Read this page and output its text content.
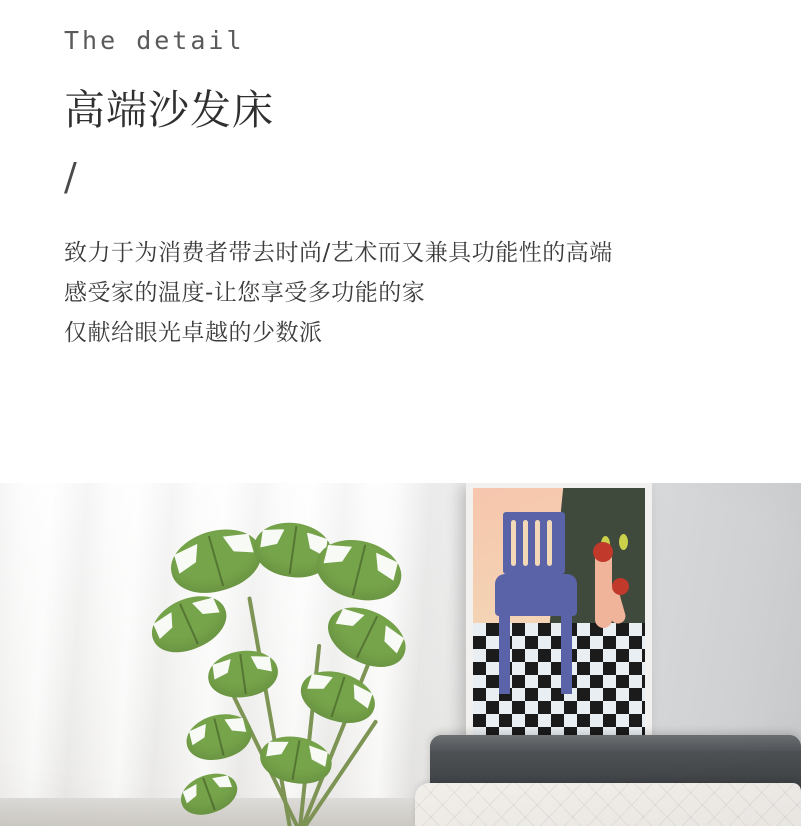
The detail
高端沙发床
/
致力于为消费者带去时尚/艺术而又兼具功能性的高端
感受家的温度-让您享受多功能的家
仅献给眼光卓越的少数派
